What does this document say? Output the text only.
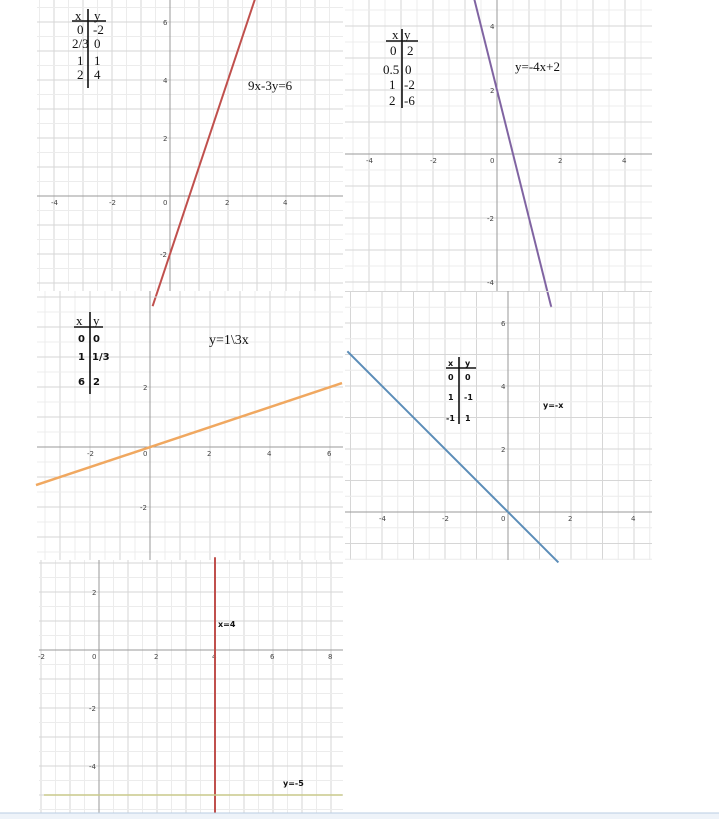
-4	-2	0	2	4
-2
2
4
6
9x-3y=6
x y
0 -2
2/3 0
1 1
2 4
-4	-2	0	2	4
-4
-2
2
4
y=-4x+2
x y
0 2
0.5 0
1 -2
2 -6
-2	0	2	4	6
-2
2
y=1\3x
x y
0 0
1 1/3
6 2
-4	-2	0	2	4
2
4
6
y=-x
x y
0 0
1 -1
-1 1
-2	0	2	4	6	8
2
-2
-4
x=4
y=-5
